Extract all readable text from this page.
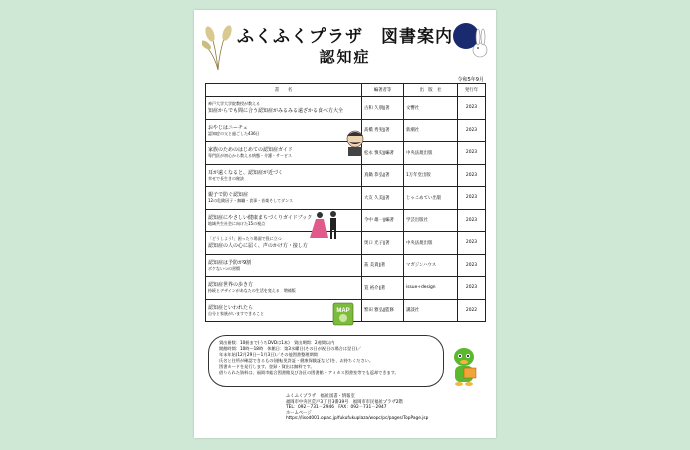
ふくふくプラザ　図書案内
認知症
令和5年9月
書　　名	編著者等	出　版　社	発行年

神戸大学大学院教授が教える
知症からでも間に合う認知症がみるみる遠ざかる食べ方大全	古和 久朋∥著	文響社	2023

おやじはニーチェ
認知症の父と過ごした436日	髙橋 秀実∥著	新潮社	2023

家族のためのはじめての認知症ガイド
専門医が初心から教える病態・介護・サービス	松永 慎史∥編著	中央法規出版	2023

耳が遠くなると、認知症が近づく
幸せで長生きの秘訣	真鍋 恭弘∥著	1万年堂出版	2023

親子で防ぐ認知症
12の危険因子・無職・食事・音楽そしてダンス	大友 久美∥著	じゃこめてい出版	2023

認知症にやさしい健康まちづくりガイドブック
地域共生社会に向けた15の視点	今中 雄一∥編著	学芸出版社	2023

「どうしよう!」困ったり場面で役に立つ
認知症の人の心に届く、声のかけ方・接し方	奥口 光子∥著	中央法規出版	2023

認知症は予防が9割
ボケないつの習慣	荻 美貴∥著	マガジンハウス	2023

認知症世界の歩き方
持続とデザインがあなたの生活を変える　増補版	筧 裕介∥著	issue+design	2023

認知症といわれたら
自分と家族がいますできること	繁田 雅弘∥監修	講談社	2022
MAP
貸出冊数：10冊まで(うちDVDは1本)　貸出期間：2週間以内
開館時間：10時～18時　休館日：第3水曜日(その日が祝日の場合は翌日)／
年末年始(12月29日～1月3日)／その他図書整理期間
氏名と住所が確認できるもの(運転免許証・健康保険証など)を、お持ちください。
図書カードを発行します。登録・貸出は無料です。
借りられた資料は、福岡市総合図書館及び各区の図書館・アミカス図書室等でも返却できます。
ふくふくプラザ　福祉図書・情報室
福岡市中央区荒戸3丁目3番39号　福岡市市民福祉プラザ2階
TEL：092－731－2946　FAX：092－731－2947
ホームページ
https://lisod001.opac.jp/fukufukuplaza/wopc/pc/pages/TopPage.jsp
